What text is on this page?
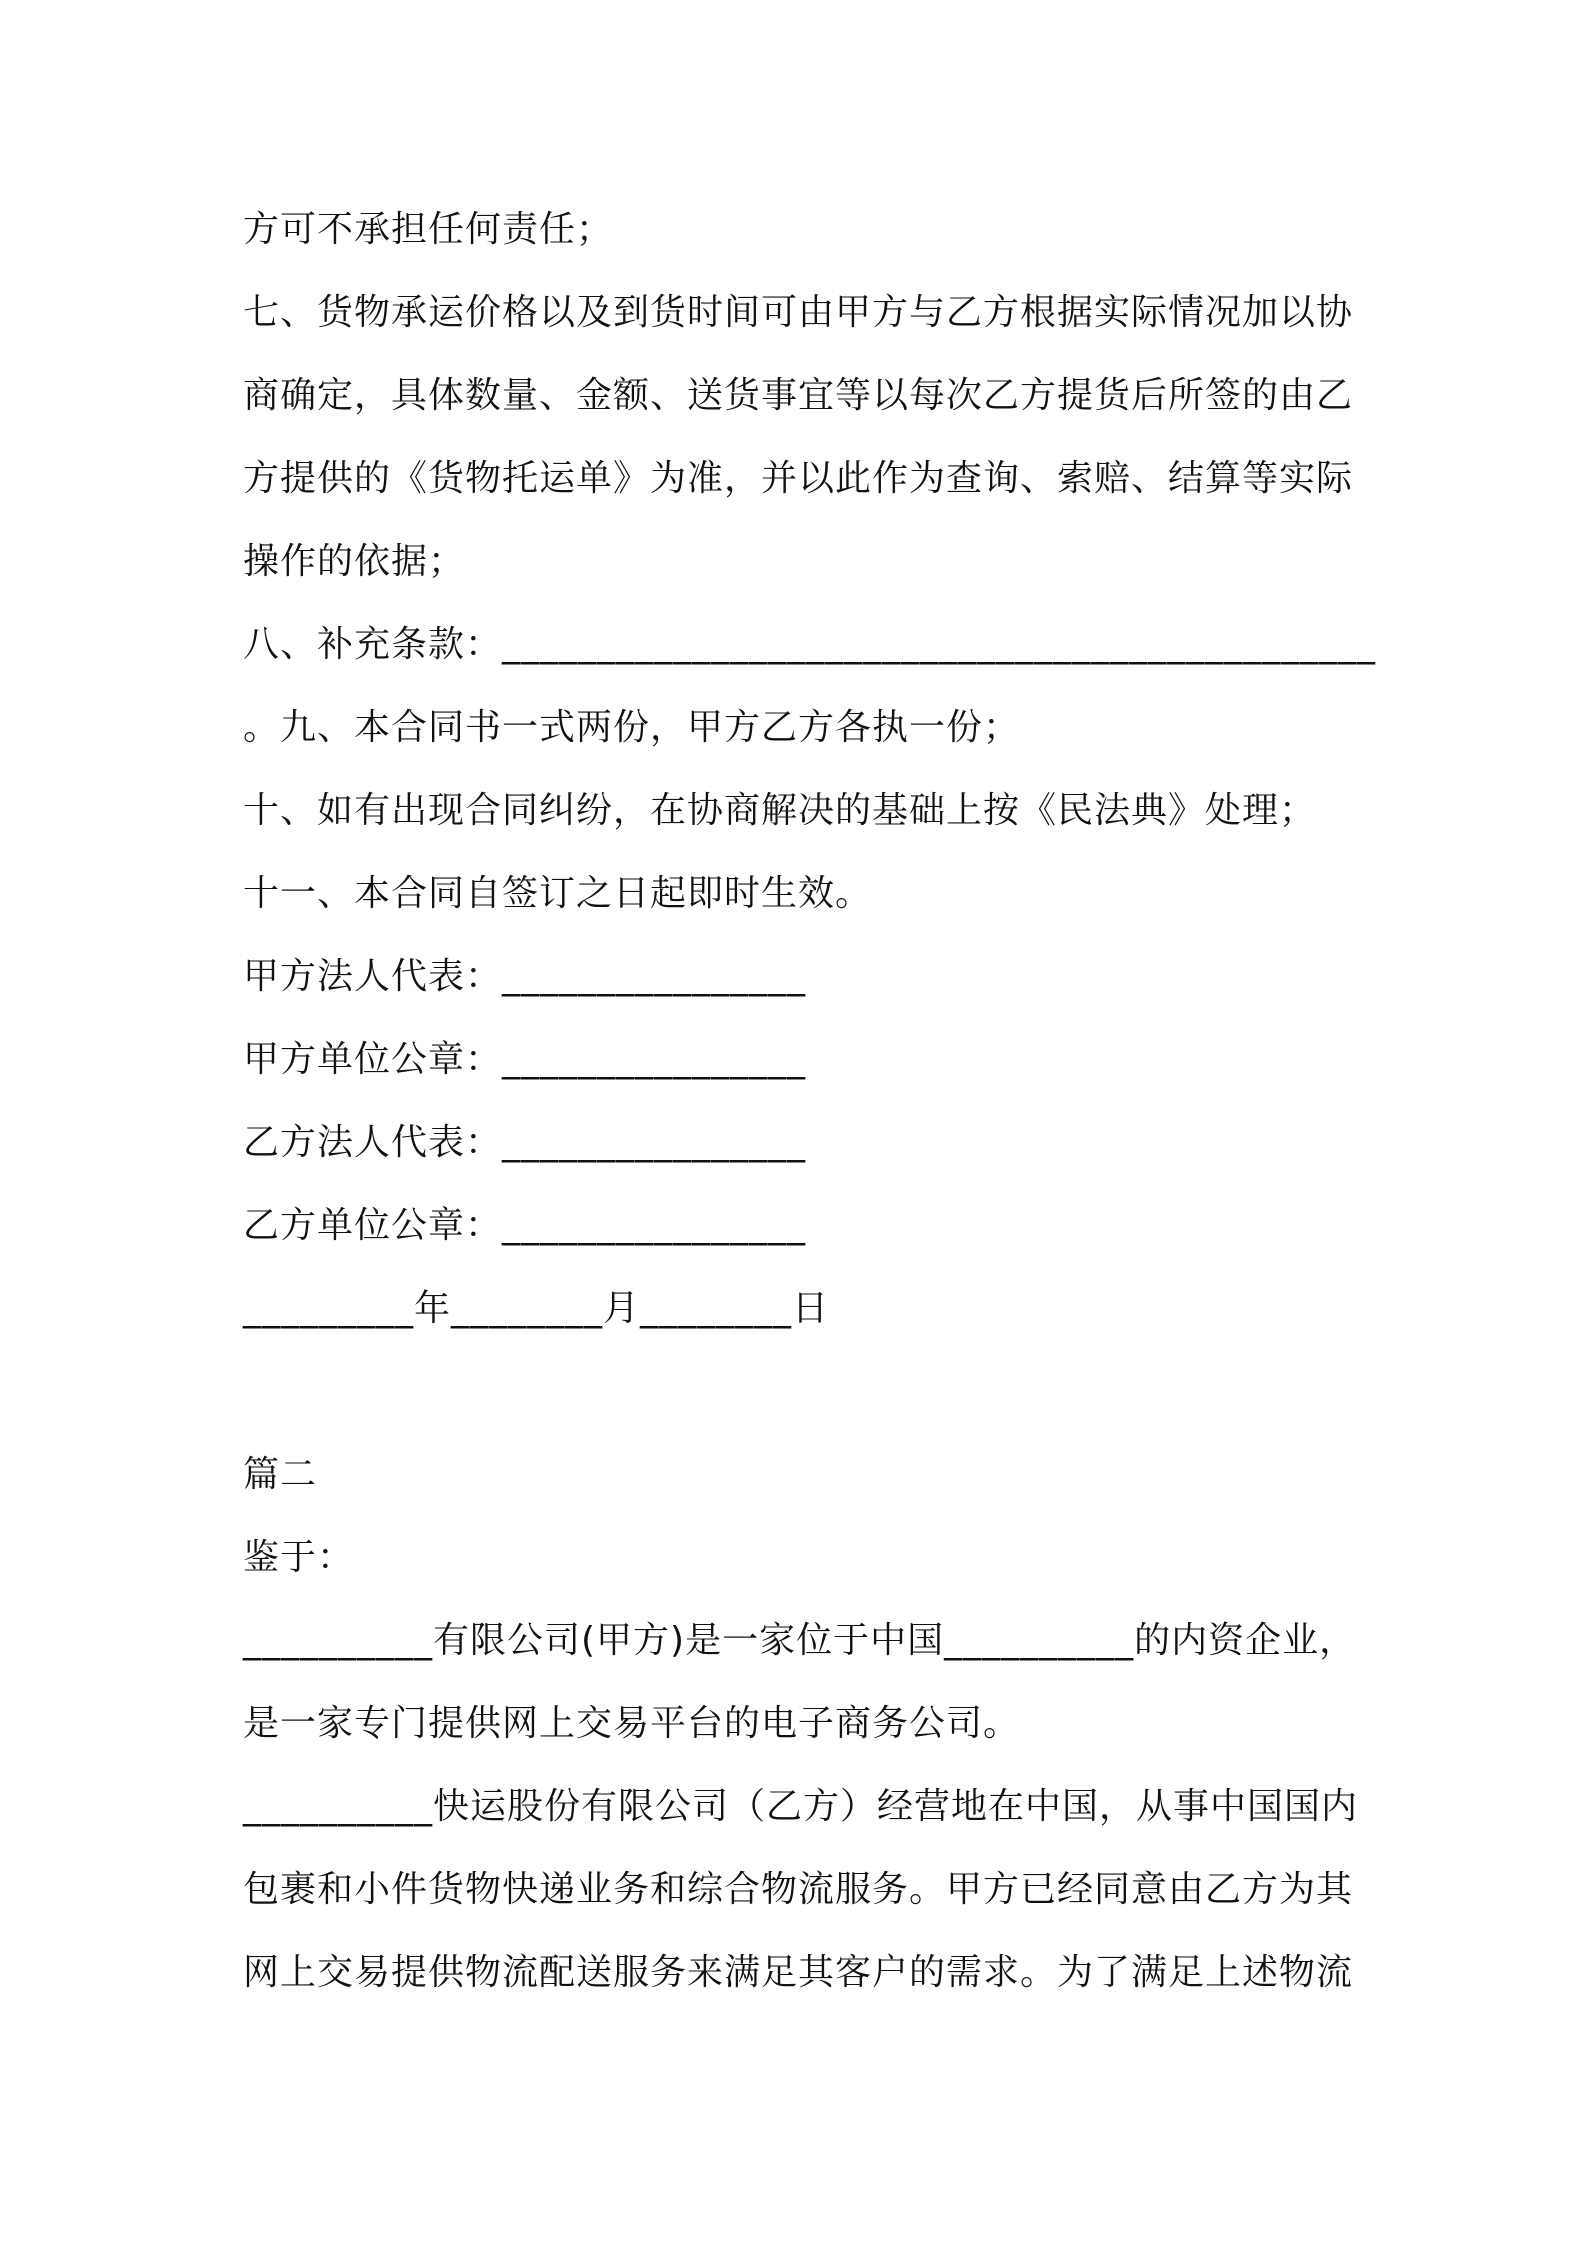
方可不承担任何责任；
七、货物承运价格以及到货时间可由甲方与乙方根据实际情况加以协
商确定，具体数量、金额、送货事宜等以每次乙方提货后所签的由乙
方提供的《货物托运单》为准，并以此作为查询、索赔、结算等实际
操作的依据；
八、补充条款：______________________________________________
。九、本合同书一式两份，甲方乙方各执一份；
十、如有出现合同纠纷，在协商解决的基础上按《民法典》处理；
十一、本合同自签订之日起即时生效。
甲方法人代表：________________
甲方单位公章：________________
乙方法人代表：________________
乙方单位公章：________________
_________年________月________日
篇二
鉴于：
__________有限公司(甲方)是一家位于中国__________的内资企业，
是一家专门提供网上交易平台的电子商务公司。
__________快运股份有限公司（乙方）经营地在中国，从事中国国内
包裹和小件货物快递业务和综合物流服务。甲方已经同意由乙方为其
网上交易提供物流配送服务来满足其客户的需求。为了满足上述物流
